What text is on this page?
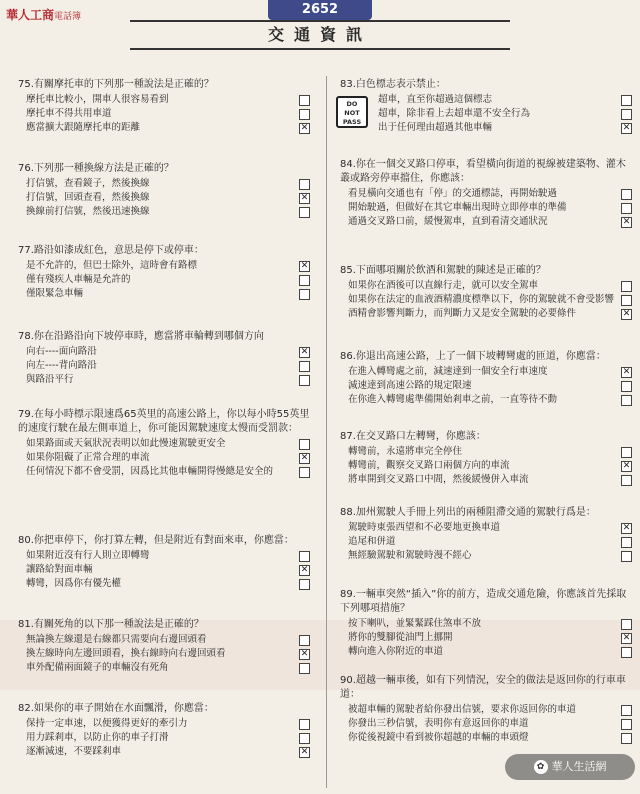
華人工商電話簿	2652
交通資訊
75.有關摩托車的下列那一種說法是正確的？
摩托車比較小，開車人很容易看到
摩托車不得共用車道
應當擴大跟隨摩托車的距離	✕
76.下列那一種換線方法是正確的？
打信號，查看鏡子，然後換線
打信號，回頭查看，然後換線	✕
換線前打信號，然後迅速換線
77.路沿如漆成紅色，意思是停下或停車：
是不允許的，但巴士除外，這時會有路標	✕
僅有殘疾人車輛是允許的
僅限緊急車輛
78.你在沿路沿向下坡停車時，應當將車輪轉到哪個方向
向右----面向路沿	✕
向左----背向路沿
與路沿平行
79.在每小時標示限速爲65英里的高速公路上，你以每小時55英里的速度行駛在最左側車道上，你可能因駕駛速度太慢而受罰款：
如果路面或天氣狀況表明以如此慢速駕駛更安全
如果你阻礙了正常合理的車流	✕
任何情況下都不會受罰，因爲比其他車輛開得慢總是安全的
80.你把車停下，你打算左轉，但是附近有對面來車，你應當：
如果附近沒有行人則立即轉彎
讓路給對面車輛	✕
轉彎，因爲你有優先權
81.有關死角的以下那一種說法是正確的？
無論換左線還是右線都只需要向右邊回頭看
換左線時向左邊回頭看，換右線時向右邊回頭看	✕
車外配備兩面鏡子的車輛沒有死角
82.如果你的車子開始在水面飄滑，你應當：
保持一定車速，以便獲得更好的牽引力
用力踩剎車，以防止你的車子打滑
逐漸減速，不要踩剎車	✕
83.白色標志表示禁止：
DO NOT PASS
超車，直至你超過這個標志
超車，除非看上去超車還不安全行為
出于任何理由超過其他車輛	✕
84.你在一個交叉路口停車，看望橫向街道的視線被建築物、灌木叢或路旁停車擋住，你應該：
看見橫向交通也有「停」的交通標誌，再開始駛過
開始駛過，但做好在其它車輛出現時立即停車的準備
通過交叉路口前，緩慢駕車，直到看清交通狀況	✕
85.下面哪項關於飲酒和駕駛的陳述是正確的？
如果你在酒後可以直線行走，就可以安全駕車
如果你在法定的血液酒精濃度標準以下，你的駕駛就不會受影響
酒精會影響判斷力，而判斷力又是安全駕駛的必要條件	✕
86.你退出高速公路，上了一個下坡轉彎處的匝道，你應當：
在進入轉彎處之前，減速達到一個安全行車速度	✕
減速達到高速公路的規定限速
在你進入轉彎處準備開始剎車之前，一直等待不動
87.在交叉路口左轉彎，你應該：
轉彎前，永遠將車完全停住
轉彎前，觀察交叉路口兩個方向的車流	✕
將車開到交叉路口中間，然後緩慢併入車流
88.加州駕駛人手冊上列出的兩種阻滯交通的駕駛行爲是：
駕駛時東張西望和不必要地更換車道	✕
追尾和併道
無經驗駕駛和駕駛時漫不經心
89.一輛車突然“插入”你的前方，造成交通危險，你應該首先採取下列哪項措施？
按下喇叭，並緊緊踩住煞車不放
將你的雙腳從油門上挪開	✕
轉向進入你附近的車道
90.超越一輛車後，如有下列情況，安全的做法是返回你的行車車道：
被超車輛的駕駛者給你發出信號，要求你返回你的車道
你發出三秒信號，表明你有意返回你的車道
你從後視鏡中看到被你超越的車輛的車頭燈
✿ 華人生活網
